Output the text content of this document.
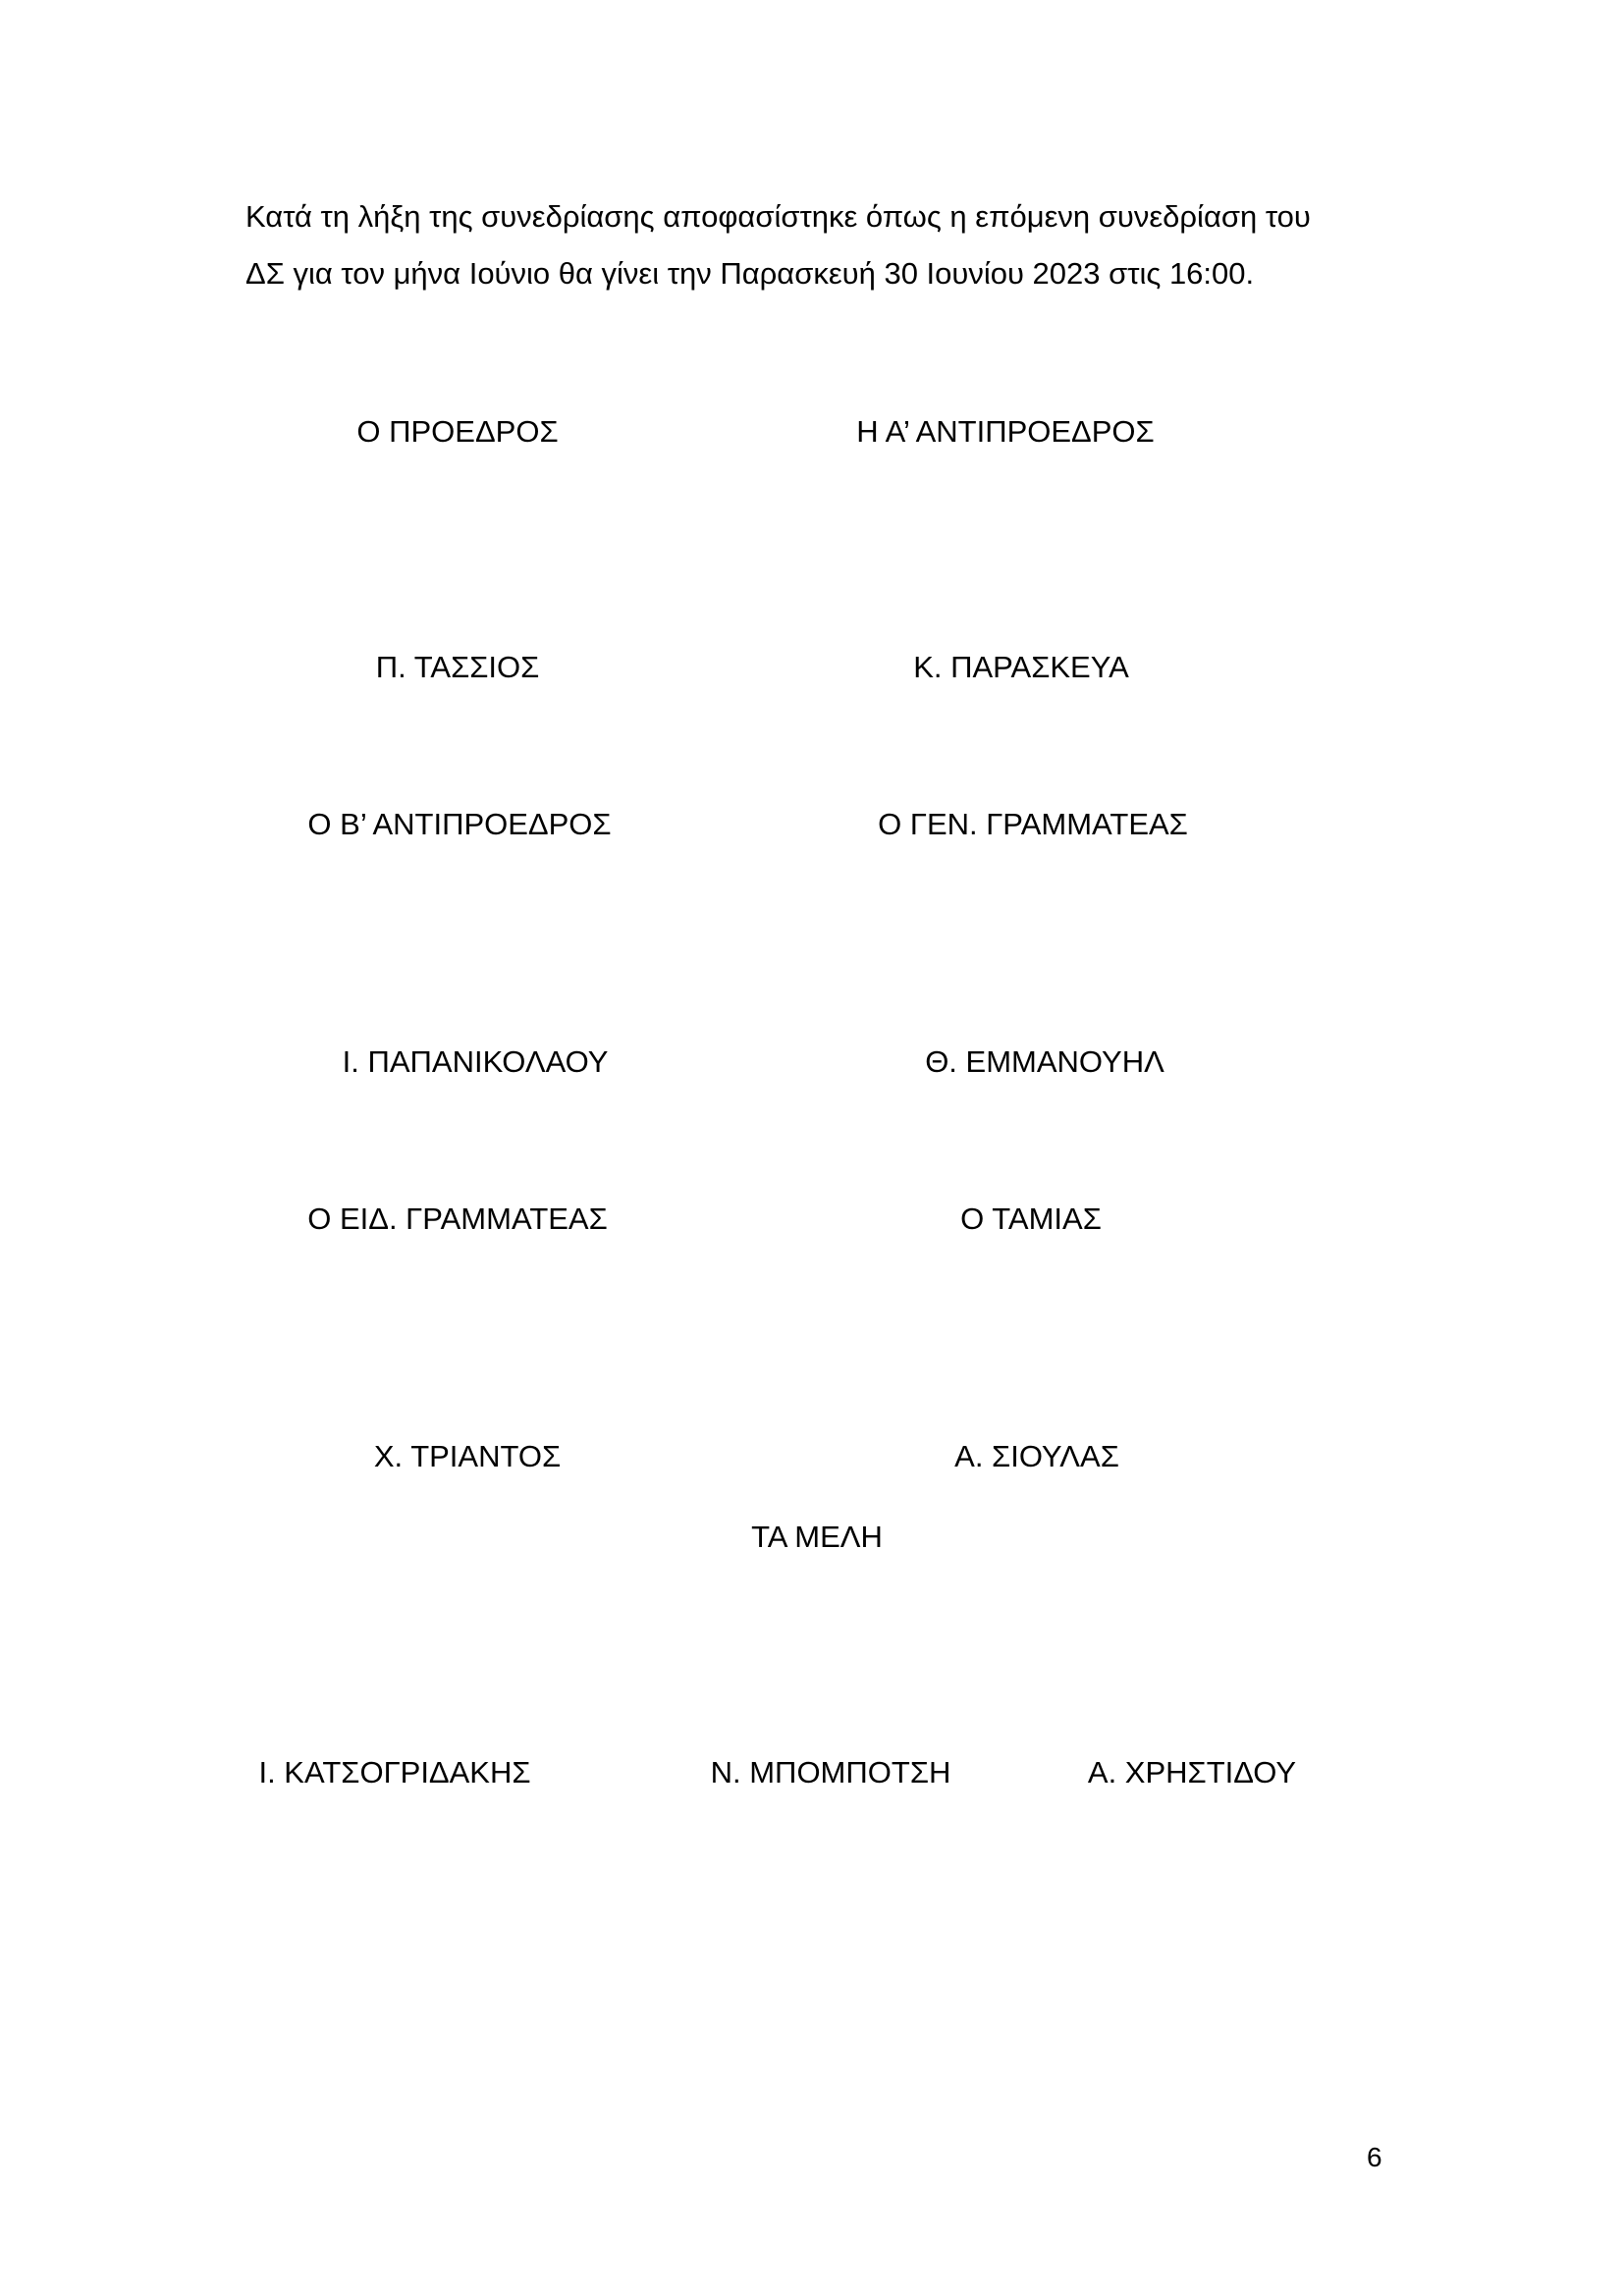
Κατά τη λήξη της συνεδρίασης αποφασίστηκε όπως η επόμενη συνεδρίαση του
ΔΣ για τον μήνα Ιούνιο θα γίνει την Παρασκευή 30 Ιουνίου 2023 στις 16:00.
Ο ΠΡΟΕΔΡΟΣ	Η Α’ ΑΝΤΙΠΡΟΕΔΡΟΣ
Π. ΤΑΣΣΙΟΣ	Κ. ΠΑΡΑΣΚΕΥΑ
Ο Β’ ΑΝΤΙΠΡΟΕΔΡΟΣ	Ο ΓΕΝ. ΓΡΑΜΜΑΤΕΑΣ
Ι. ΠΑΠΑΝΙΚΟΛΑΟΥ	Θ. ΕΜΜΑΝΟΥΗΛ
Ο ΕΙΔ. ΓΡΑΜΜΑΤΕΑΣ	Ο ΤΑΜΙΑΣ
Χ. ΤΡΙΑΝΤΟΣ	Α. ΣΙΟΥΛΑΣ
ΤΑ ΜΕΛΗ
Ι. ΚΑΤΣΟΓΡΙΔΑΚΗΣ	Ν. ΜΠΟΜΠΟΤΣΗ	Α. ΧΡΗΣΤΙΔΟΥ
6
